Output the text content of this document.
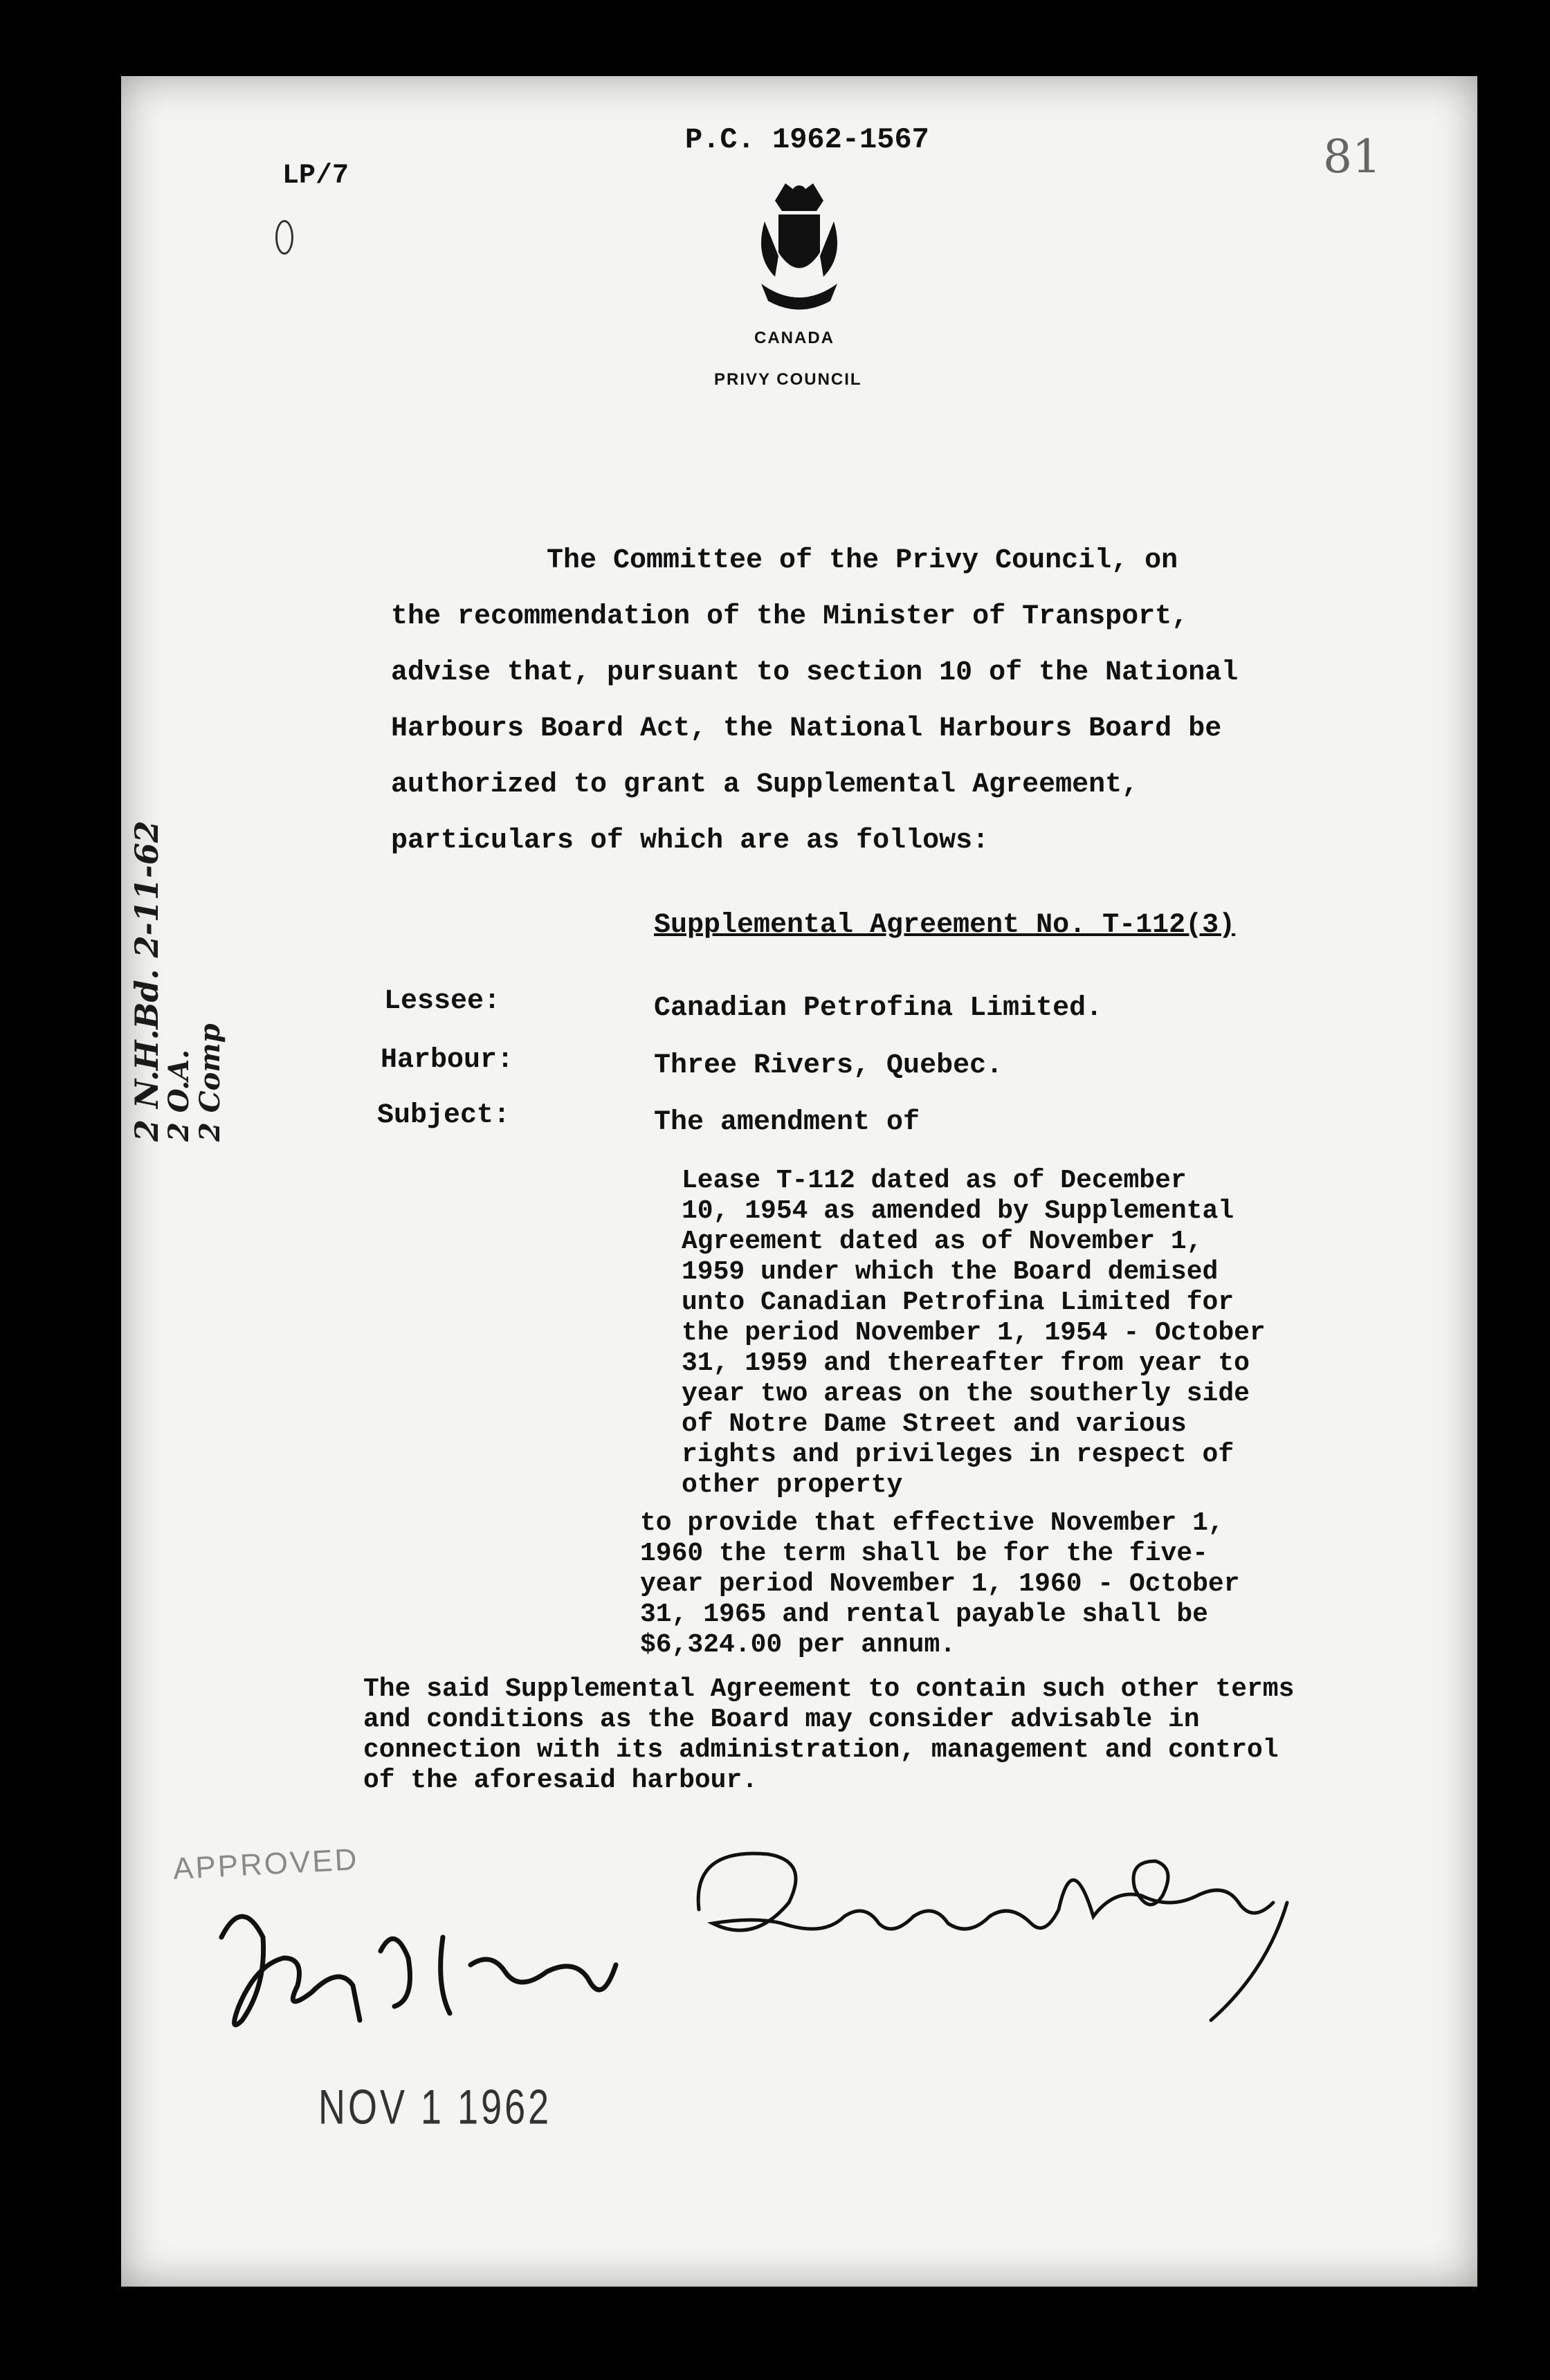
P.C. 1962-1567
LP/7	81
CANADA
PRIVY COUNCIL
The Committee of the Privy Council, on
the recommendation of the Minister of Transport,
advise that, pursuant to section 10 of the National
Harbours Board Act, the National Harbours Board be
authorized to grant a Supplemental Agreement,
particulars of which are as follows:
Supplemental Agreement No. T-112(3)
Lessee:	Canadian Petrofina Limited.
Harbour:	Three Rivers, Quebec.
Subject:	The amendment of
Lease T-112 dated as of December
10, 1954 as amended by Supplemental
Agreement dated as of November 1,
1959 under which the Board demised
unto Canadian Petrofina Limited for
the period November 1, 1954 - October
31, 1959 and thereafter from year to
year two areas on the southerly side
of Notre Dame Street and various
rights and privileges in respect of
other property
to provide that effective November 1,
1960 the term shall be for the five-
year period November 1, 1960 - October
31, 1965 and rental payable shall be
$6,324.00 per annum.
The said Supplemental Agreement to contain such other terms
and conditions as the Board may consider advisable in
connection with its administration, management and control
of the aforesaid harbour.
2 N.H.Bd. 2-11-62
2 O.A.
2 Comp
APPROVED
NOV 1 1962
